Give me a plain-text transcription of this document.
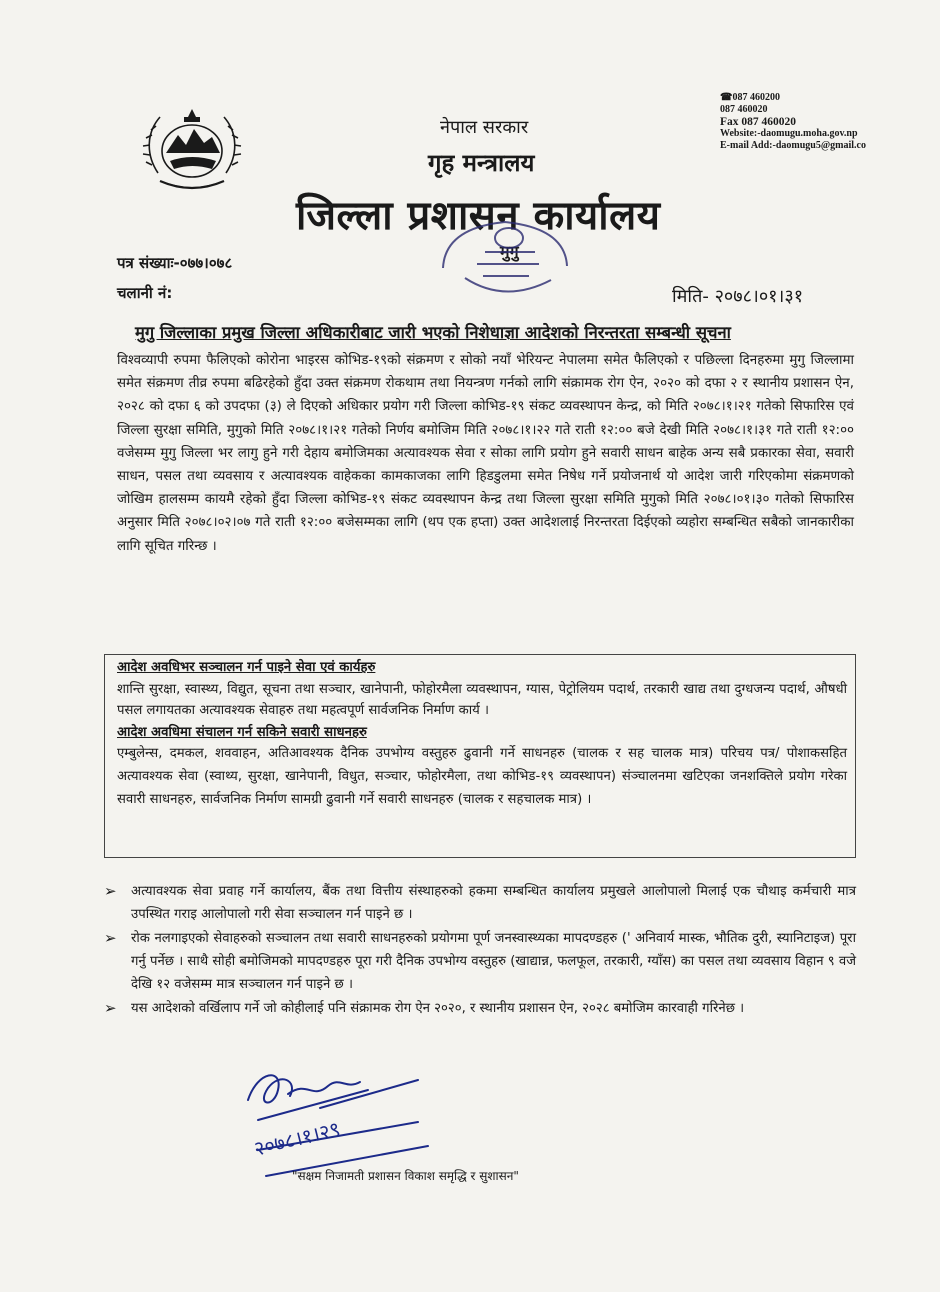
☎087 460200
087 460020
Fax 087 460020
Website:-daomugu.moha.gov.np
E-mail Add:-daomugu5@gmail.co
नेपाल सरकार
गृह मन्त्रालय
जिल्ला प्रशासन कार्यालय
मुगु
पत्र संख्याः-०७७।०७८
चलानी नं:	मिति- २०७८।०१।३१
मुगु जिल्लाका प्रमुख जिल्ला अधिकारीबाट जारी भएको निशेधाज्ञा आदेशको निरन्तरता सम्बन्धी सूचना
विश्वव्यापी रुपमा फैलिएको कोरोना भाइरस कोभिड-१९को संक्रमण र सोको नयाँ भेरियन्ट नेपालमा समेत फैलिएको र पछिल्ला दिनहरुमा मुगु जिल्लामा समेत संक्रमण तीव्र रुपमा बढिरहेको हुँदा उक्त संक्रमण रोकथाम तथा नियन्त्रण गर्नको लागि संक्रामक रोग ऐन, २०२० को दफा २ र स्थानीय प्रशासन ऐन, २०२८ को दफा ६ को उपदफा (३) ले दिएको अधिकार प्रयोग गरी जिल्ला कोभिड-१९ संकट व्यवस्थापन केन्द्र, को मिति २०७८।१।२१ गतेको सिफारिस एवं जिल्ला सुरक्षा समिति, मुगुको मिति २०७८।१।२१ गतेको निर्णय बमोजिम मिति २०७८।१।२२ गते राती १२:०० बजे देखी मिति २०७८।१।३१ गते राती १२:०० वजेसम्म मुगु जिल्ला भर लागु हुने गरी देहाय बमोजिमका अत्यावश्यक सेवा र सोका लागि प्रयोग हुने सवारी साधन बाहेक अन्य सबै प्रकारका सेवा, सवारी साधन, पसल तथा व्यवसाय र अत्यावश्यक वाहेकका कामकाजका लागि हिडडुलमा समेत निषेध गर्ने प्रयोजनार्थ यो आदेश जारी गरिएकोमा संक्रमणको जोखिम हालसम्म कायमै रहेको हुँदा जिल्ला कोभिड-१९ संकट व्यवस्थापन केन्द्र तथा जिल्ला सुरक्षा समिति मुगुको मिति २०७८।०१।३० गतेको सिफारिस अनुसार मिति २०७८।०२।०७ गते राती १२:०० बजेसम्मका लागि (थप एक हप्ता) उक्त आदेशलाई निरन्तरता दिईएको व्यहोरा सम्बन्धित सबैको जानकारीका लागि सूचित गरिन्छ ।
आदेश अवधिभर सञ्चालन गर्न पाइने सेवा एवं कार्यहरु
शान्ति सुरक्षा, स्वास्थ्य, विद्युत, सूचना तथा सञ्चार, खानेपानी, फोहोरमैला व्यवस्थापन, ग्यास, पेट्रोलियम पदार्थ, तरकारी खाद्य तथा दुग्धजन्य पदार्थ, औषधी पसल लगायतका अत्यावश्यक सेवाहरु तथा महत्वपूर्ण सार्वजनिक निर्माण कार्य ।
आदेश अवधिमा संचालन गर्न सकिने सवारी साधनहरु
एम्बुलेन्स, दमकल, शववाहन, अतिआवश्यक दैनिक उपभोग्य वस्तुहरु ढुवानी गर्ने साधनहरु (चालक र सह चालक मात्र) परिचय पत्र/ पोशाकसहित अत्यावश्यक सेवा (स्वाथ्य, सुरक्षा, खानेपानी, विधुत, सञ्चार, फोहोरमैला, तथा कोभिड-१९ व्यवस्थापन) संञ्चालनमा खटिएका जनशक्तिले प्रयोग गरेका सवारी साधनहरु, सार्वजनिक निर्माण सामग्री ढुवानी गर्ने सवारी साधनहरु (चालक र सहचालक मात्र) ।
➢ अत्यावश्यक सेवा प्रवाह गर्ने कार्यालय, बैंक तथा वित्तीय संस्थाहरुको हकमा सम्बन्धित कार्यालय प्रमुखले आलोपालो मिलाई एक चौथाइ कर्मचारी मात्र उपस्थित गराइ आलोपालो गरी सेवा सञ्चालन गर्न पाइने छ ।
➢ रोक नलगाइएको सेवाहरुको सञ्चालन तथा सवारी साधनहरुको प्रयोगमा पूर्ण जनस्वास्थ्यका मापदण्डहरु (' अनिवार्य मास्क, भौतिक दुरी, स्यानिटाइज) पूरा गर्नु पर्नेछ । साथै सोही बमोजिमको मापदण्डहरु पूरा गरी दैनिक उपभोग्य वस्तुहरु (खाद्यान्न, फलफूल, तरकारी, ग्याँस) का पसल तथा व्यवसाय विहान ९ वजे देखि १२ वजेसम्म मात्र सञ्चालन गर्न पाइने छ ।
➢ यस आदेशको वर्खिलाप गर्ने जो कोहीलाई पनि संक्रामक रोग ऐन २०२०, र स्थानीय प्रशासन ऐन, २०२८ बमोजिम कारवाही गरिनेछ ।
२०७८।१।२९
"सक्षम निजामती प्रशासन विकाश समृद्धि र सुशासन"
